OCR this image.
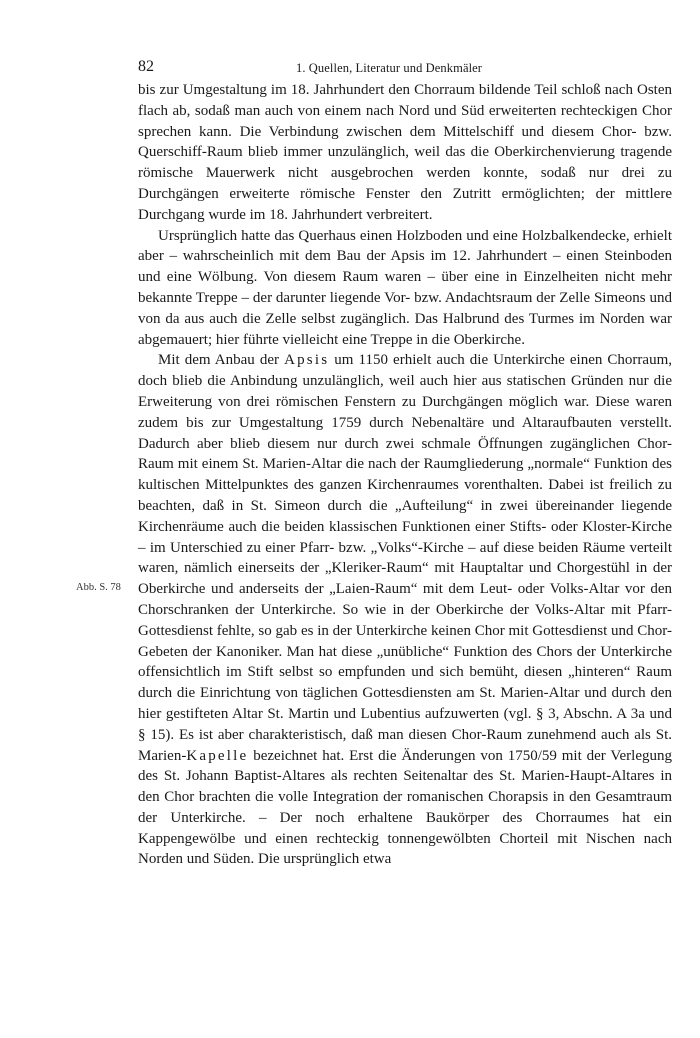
82	1. Quellen, Literatur und Denkmäler
Abb. S. 78

bis zur Umgestaltung im 18. Jahrhundert den Chorraum bildende Teil schloß nach Osten flach ab, sodaß man auch von einem nach Nord und Süd erweiterten rechteckigen Chor sprechen kann. Die Verbindung zwischen dem Mittelschiff und diesem Chor- bzw. Querschiff-Raum blieb immer unzulänglich, weil das die Oberkirchenvierung tragende römische Mauerwerk nicht ausgebrochen werden konnte, sodaß nur drei zu Durchgängen erweiterte römische Fenster den Zutritt ermöglichten; der mittlere Durchgang wurde im 18. Jahrhundert verbreitert.

Ursprünglich hatte das Querhaus einen Holzboden und eine Holzbalkendecke, erhielt aber – wahrscheinlich mit dem Bau der Apsis im 12. Jahrhundert – einen Steinboden und eine Wölbung. Von diesem Raum waren – über eine in Einzelheiten nicht mehr bekannte Treppe – der darunter liegende Vor- bzw. Andachtsraum der Zelle Simeons und von da aus auch die Zelle selbst zugänglich. Das Halbrund des Turmes im Norden war abgemauert; hier führte vielleicht eine Treppe in die Oberkirche.

Mit dem Anbau der Apsis um 1150 erhielt auch die Unterkirche einen Chorraum, doch blieb die Anbindung unzulänglich, weil auch hier aus statischen Gründen nur die Erweiterung von drei römischen Fenstern zu Durchgängen möglich war. Diese waren zudem bis zur Umgestaltung 1759 durch Nebenaltäre und Altaraufbauten verstellt. Dadurch aber blieb diesem nur durch zwei schmale Öffnungen zugänglichen Chor-Raum mit einem St. Marien-Altar die nach der Raumgliederung „normale“ Funktion des kultischen Mittelpunktes des ganzen Kirchenraumes vorenthalten. Dabei ist freilich zu beachten, daß in St. Simeon durch die „Aufteilung“ in zwei übereinander liegende Kirchenräume auch die beiden klassischen Funktionen einer Stifts- oder Kloster-Kirche – im Unterschied zu einer Pfarr- bzw. „Volks“-Kirche – auf diese beiden Räume verteilt waren, nämlich einerseits der „Kleriker-Raum“ mit Hauptaltar und Chorgestühl in der Oberkirche und anderseits der „Laien-Raum“ mit dem Leut- oder Volks-Altar vor den Chorschranken der Unterkirche. So wie in der Oberkirche der Volks-Altar mit Pfarr-Gottesdienst fehlte, so gab es in der Unterkirche keinen Chor mit Gottesdienst und Chor-Gebeten der Kanoniker. Man hat diese „unübliche“ Funktion des Chors der Unterkirche offensichtlich im Stift selbst so empfunden und sich bemüht, diesen „hinteren“ Raum durch die Einrichtung von täglichen Gottesdiensten am St. Marien-Altar und durch den hier gestifteten Altar St. Martin und Lubentius aufzuwerten (vgl. § 3, Abschn. A 3a und § 15). Es ist aber charakteristisch, daß man diesen Chor-Raum zunehmend auch als St. Marien-Kapelle bezeichnet hat. Erst die Änderungen von 1750/59 mit der Verlegung des St. Johann Baptist-Altares als rechten Seitenaltar des St. Marien-Haupt-Altares in den Chor brachten die volle Integration der romanischen Chorapsis in den Gesamtraum der Unterkirche. – Der noch erhaltene Baukörper des Chorraumes hat ein Kappengewölbe und einen rechteckig tonnengewölbten Chorteil mit Nischen nach Norden und Süden. Die ursprünglich etwa
